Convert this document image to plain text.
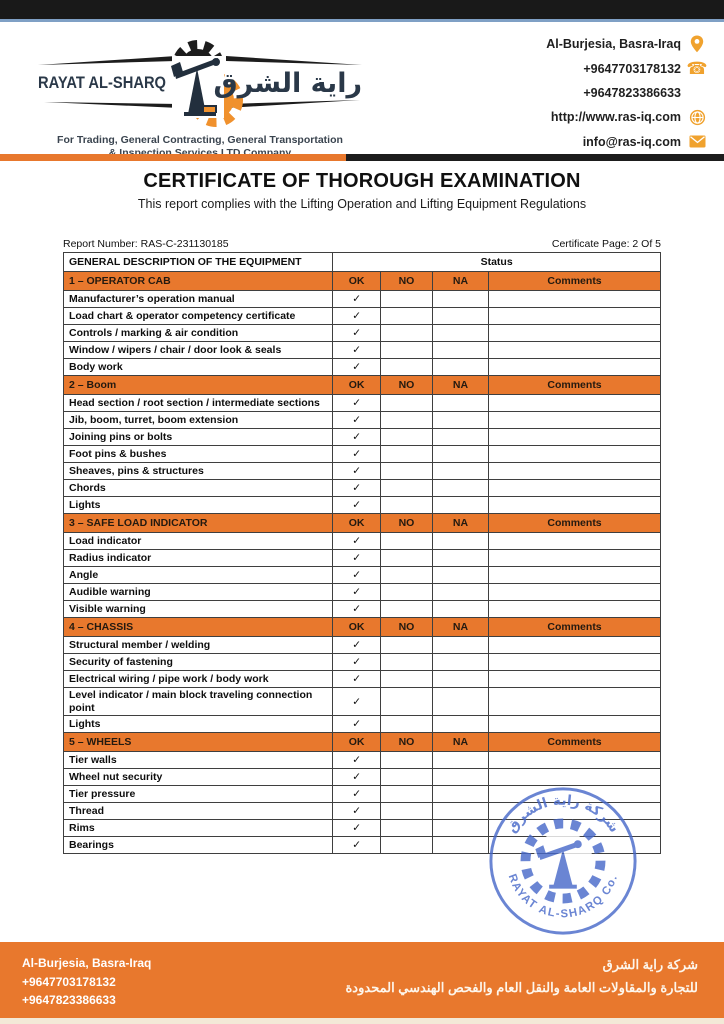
RAYAT AL-SHARQ راية الشرق
For Trading, General Contracting, General Transportation
Al-Burjesia, Basra-Iraq
+9647703178132 ☎
+9647823386633
http://www.ras-iq.com
info@ras-iq.com
CERTIFICATE OF THOROUGH EXAMINATION
This report complies with the Lifting Operation and Lifting Equipment Regulations
Report Number: RAS-C-231130185	Certificate Page: 2 Of 5
GENERAL DESCRIPTION OF THE EQUIPMENT	Status			
1 – OPERATOR CAB	OK	NO	NA	Comments
Manufacturer’s operation manual	✓			
Load chart & operator competency certificate	✓			
Controls / marking & air condition	✓			
Window / wipers / chair / door look & seals	✓			
Body work	✓			
2 – Boom	OK	NO	NA	Comments
Head section / root section / intermediate sections	✓			
Jib, boom, turret, boom extension	✓			
Joining pins or bolts	✓			
Foot pins & bushes	✓			
Sheaves, pins & structures	✓			
Chords	✓			
Lights	✓			
3 – SAFE LOAD INDICATOR	OK	NO	NA	Comments
Load indicator	✓			
Radius indicator	✓			
Angle	✓			
Audible warning	✓			
Visible warning	✓			
4 – CHASSIS	OK	NO	NA	Comments
Structural member / welding	✓			
Security of fastening	✓			
Electrical wiring / pipe work / body work	✓			
Level indicator / main block traveling connection point	✓			
Lights	✓			
5 – WHEELS	OK	NO	NA	Comments
Tier walls	✓			
Wheel nut security	✓			
Tier pressure	✓			
Thread	✓			
Rims	✓			
Bearings	✓			
شركة راية الشرق
RAYAT AL-SHARQ Co.
Al-Burjesia, Basra-Iraq
+9647703178132
+9647823386633
شركة راية الشرق
للتجارة والمقاولات العامة والنقل العام والفحص الهندسي المحدودة
